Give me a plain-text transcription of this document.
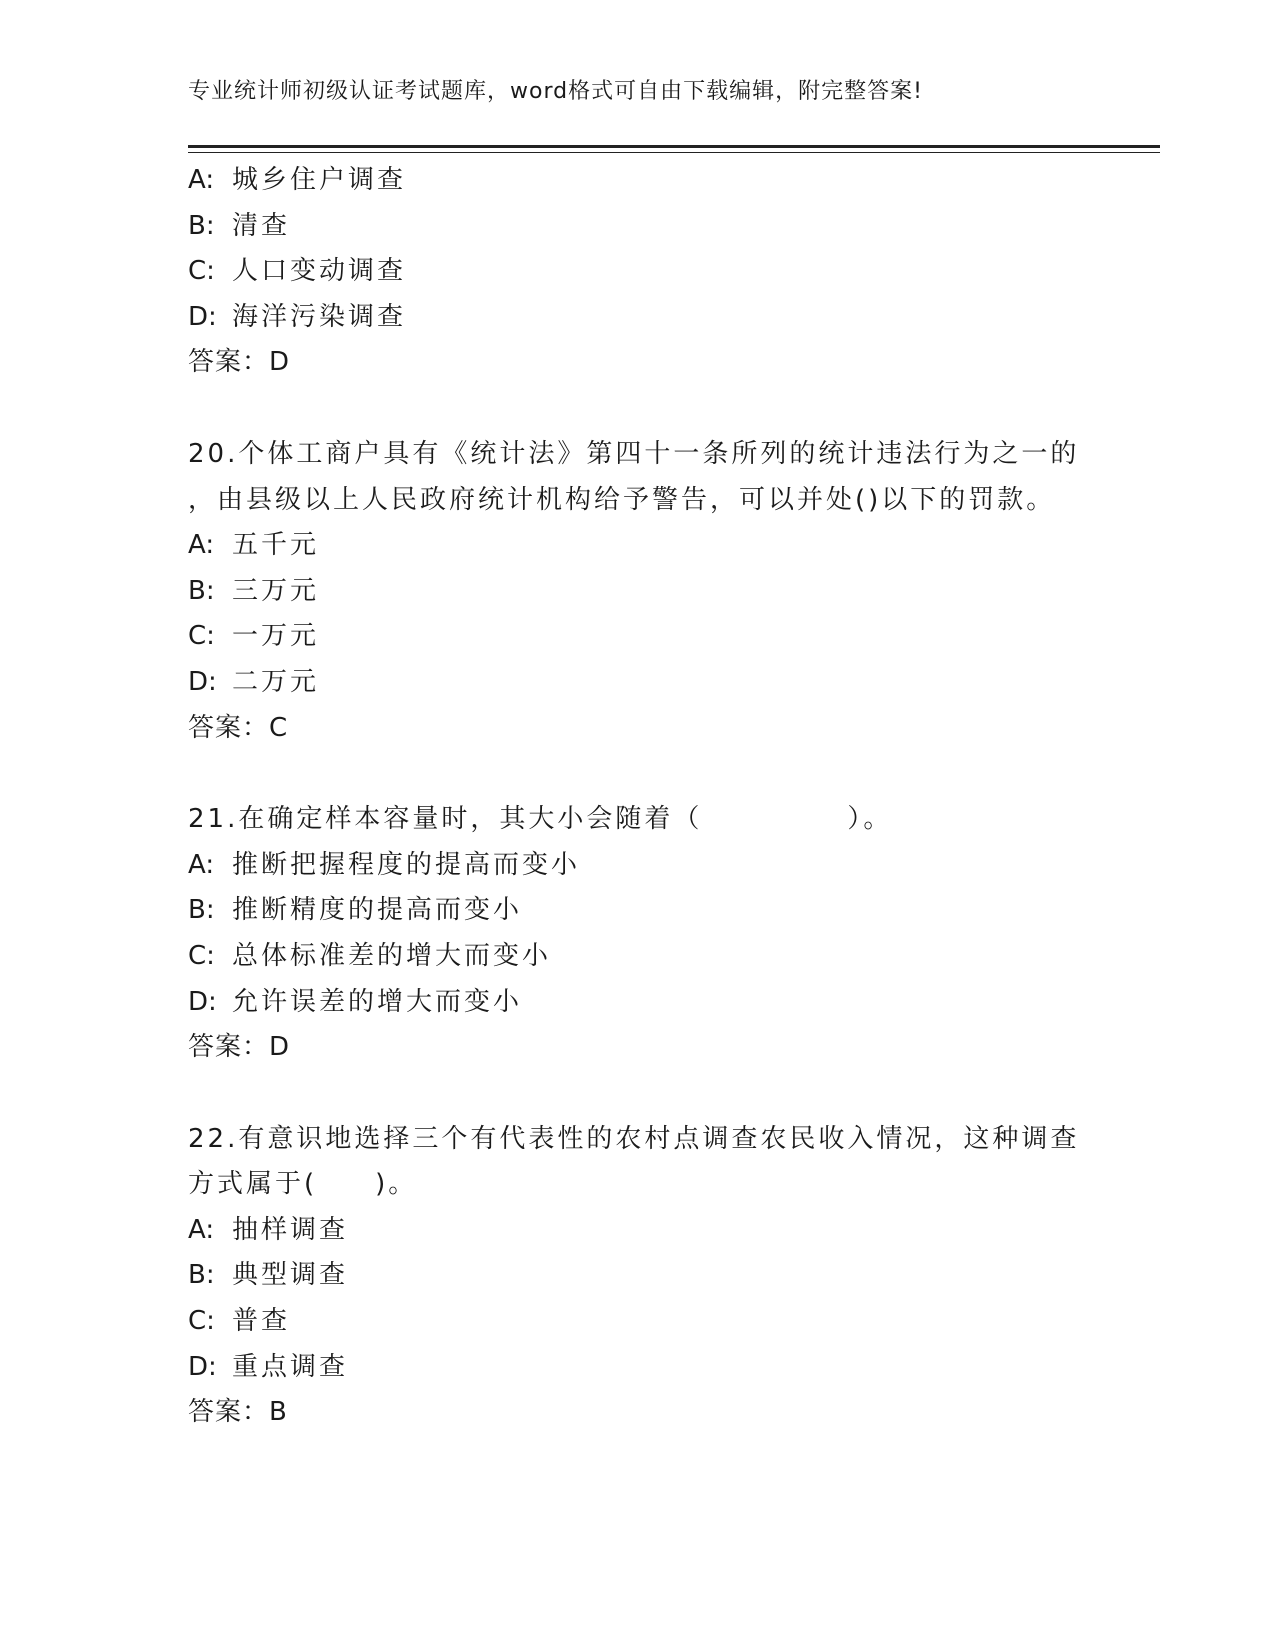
专业统计师初级认证考试题库，word格式可自由下载编辑，附完整答案!
A: 城乡住户调查
B: 清查
C: 人口变动调查
D: 海洋污染调查
答案：D
20.个体工商户具有《统计法》第四十一条所列的统计违法行为之一的
，由县级以上人民政府统计机构给予警告，可以并处()以下的罚款。
A: 五千元
B: 三万元
C: 一万元
D: 二万元
答案：C
21.在确定样本容量时，其大小会随着（　　　　　）。
A: 推断把握程度的提高而变小
B: 推断精度的提高而变小
C: 总体标准差的增大而变小
D: 允许误差的增大而变小
答案：D
22.有意识地选择三个有代表性的农村点调查农民收入情况，这种调查
方式属于(　　)。
A: 抽样调查
B: 典型调查
C: 普查
D: 重点调查
答案：B
